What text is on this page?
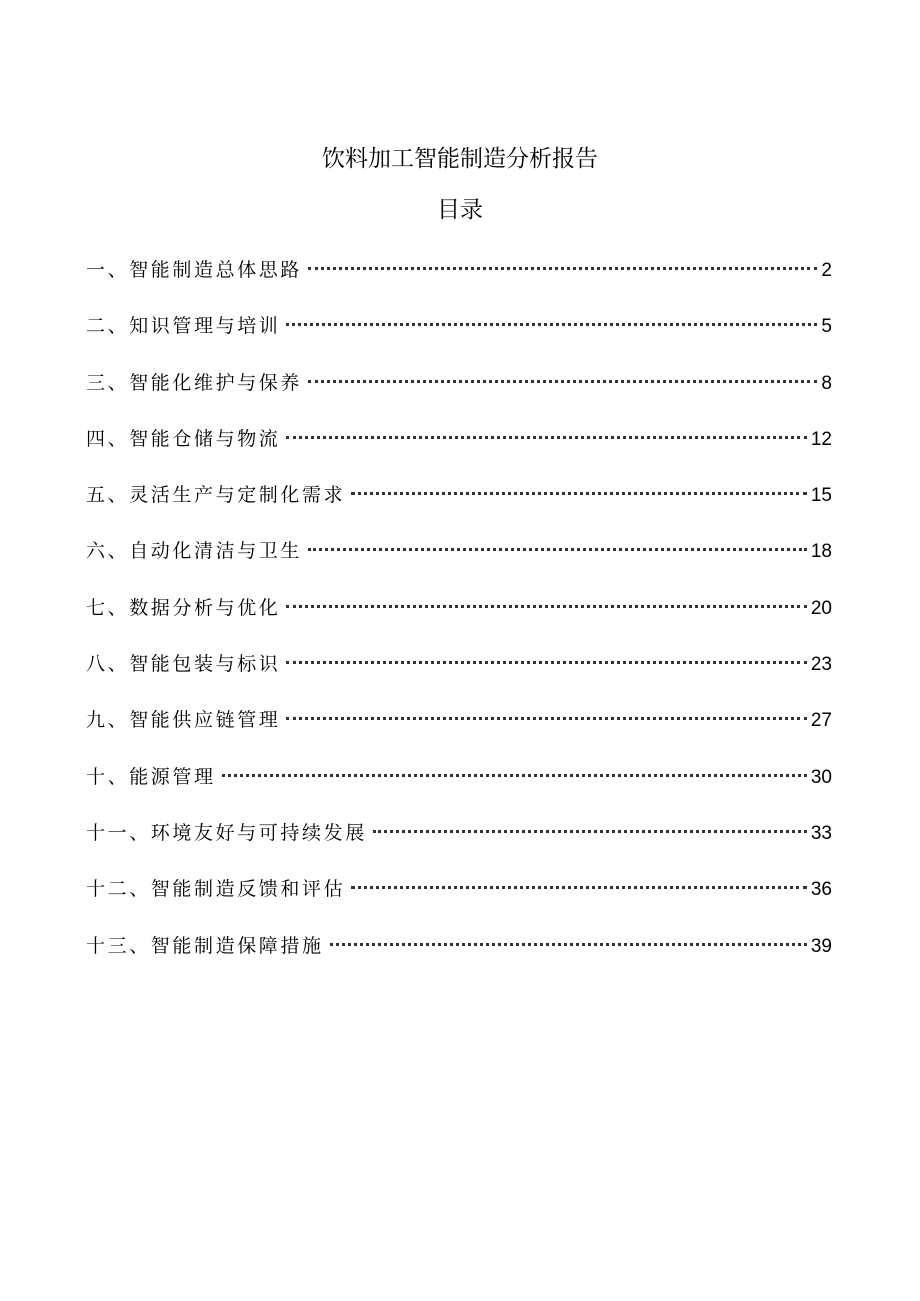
饮料加工智能制造分析报告
目录
一、智能制造总体思路	2
二、知识管理与培训	5
三、智能化维护与保养	8
四、智能仓储与物流	12
五、灵活生产与定制化需求	15
六、自动化清洁与卫生	18
七、数据分析与优化	20
八、智能包装与标识	23
九、智能供应链管理	27
十、能源管理	30
十一、环境友好与可持续发展	33
十二、智能制造反馈和评估	36
十三、智能制造保障措施	39
